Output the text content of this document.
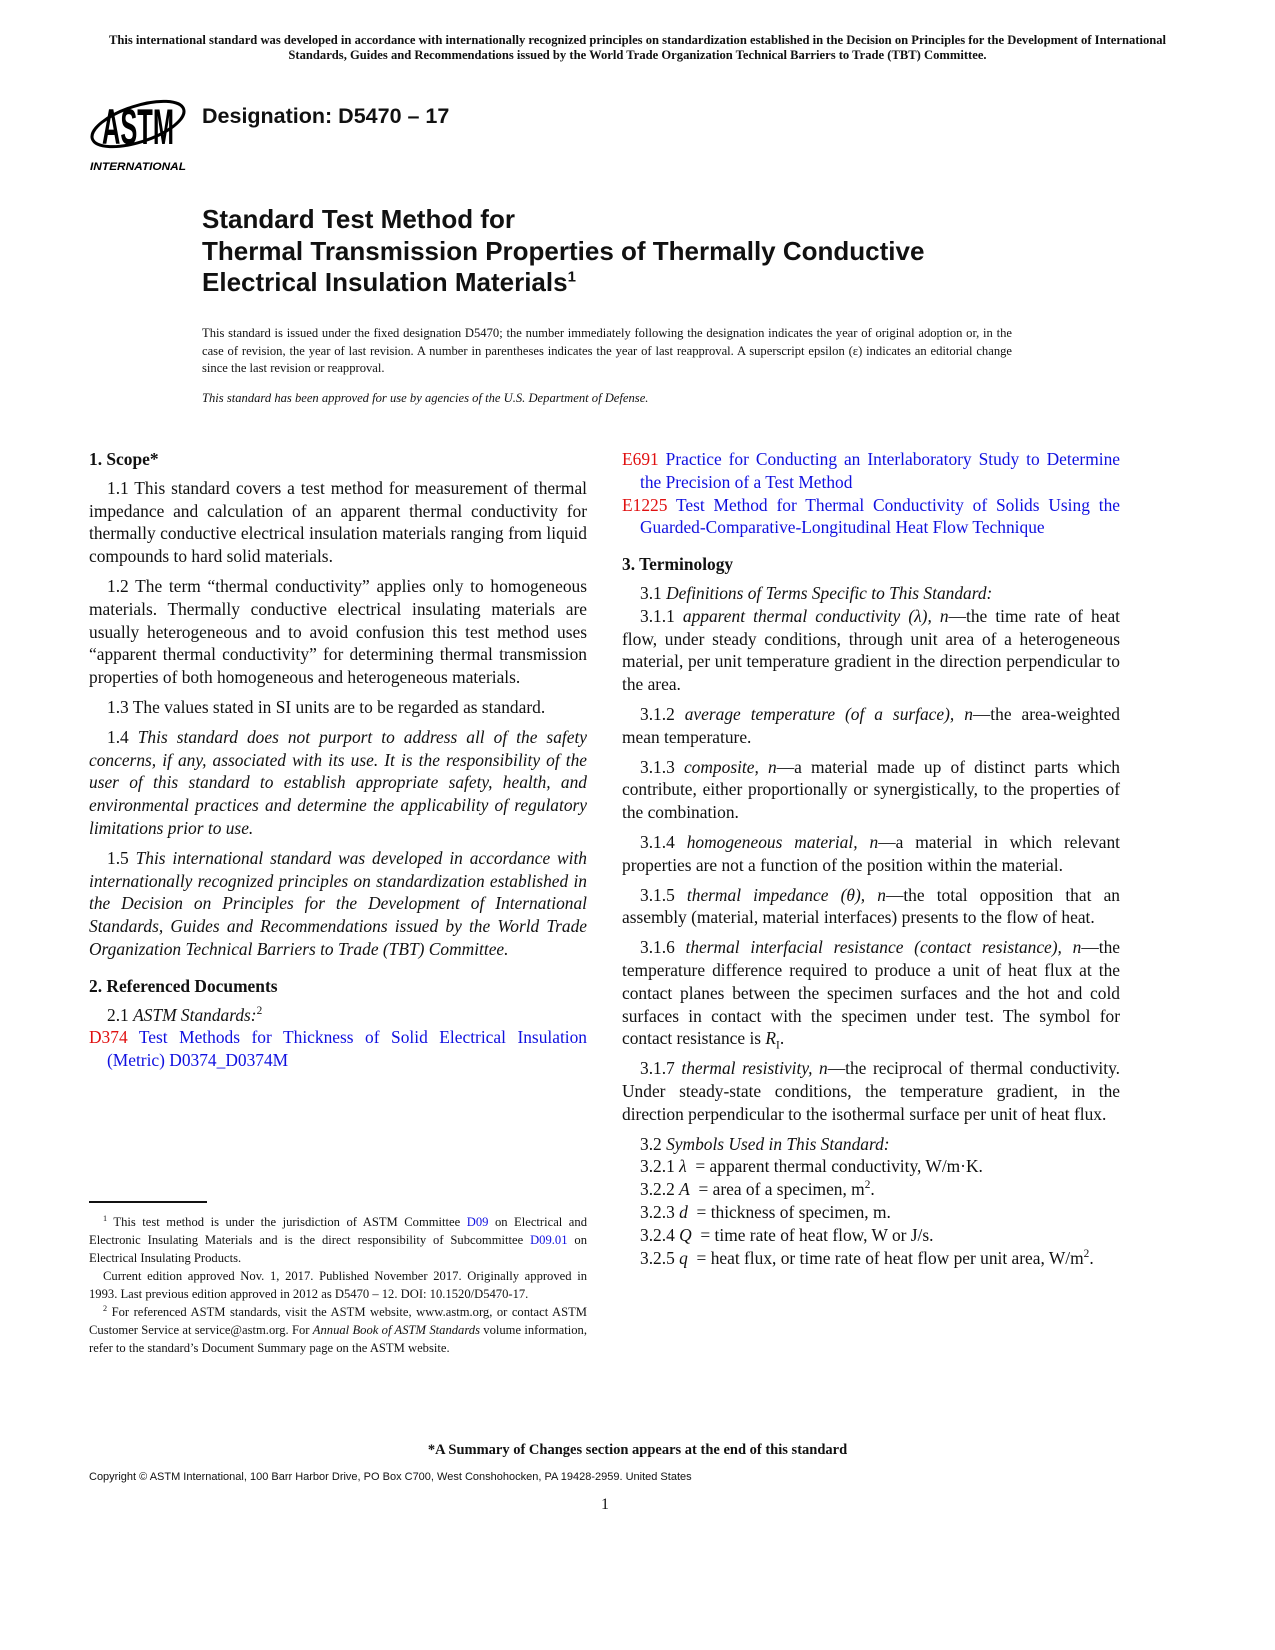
This international standard was developed in accordance with internationally recognized principles on standardization established in the Decision on Principles for the Development of International Standards, Guides and Recommendations issued by the World Trade Organization Technical Barriers to Trade (TBT) Committee.
ASTM
INTERNATIONAL
Designation: D5470 – 17
Standard Test Method for
Thermal Transmission Properties of Thermally Conductive
Electrical Insulation Materials$^1$
This standard is issued under the fixed designation D5470; the number immediately following the designation indicates the year of original adoption or, in the case of revision, the year of last revision. A number in parentheses indicates the year of last reapproval. A superscript epsilon (ε) indicates an editorial change since the last revision or reapproval.
This standard has been approved for use by agencies of the U.S. Department of Defense.
1. Scope*

1.1 This standard covers a test method for measurement of thermal impedance and calculation of an apparent thermal conductivity for thermally conductive electrical insulation materials ranging from liquid compounds to hard solid materials.

1.2 The term “thermal conductivity” applies only to homogeneous materials. Thermally conductive electrical insulating materials are usually heterogeneous and to avoid confusion this test method uses “apparent thermal conductivity” for determining thermal transmission properties of both homogeneous and heterogeneous materials.

1.3 The values stated in SI units are to be regarded as standard.

1.4 This standard does not purport to address all of the safety concerns, if any, associated with its use. It is the responsibility of the user of this standard to establish appropriate safety, health, and environmental practices and determine the applicability of regulatory limitations prior to use.

1.5 This international standard was developed in accordance with internationally recognized principles on standardization established in the Decision on Principles for the Development of International Standards, Guides and Recommendations issued by the World Trade Organization Technical Barriers to Trade (TBT) Committee.

2. Referenced Documents

2.1 ASTM Standards:$^2$

D374 Test Methods for Thickness of Solid Electrical Insulation (Metric) D0374_D0374M

E691 Practice for Conducting an Interlaboratory Study to Determine the Precision of a Test Method

E1225 Test Method for Thermal Conductivity of Solids Using the Guarded-Comparative-Longitudinal Heat Flow Technique

3. Terminology

3.1 Definitions of Terms Specific to This Standard:

3.1.1 apparent thermal conductivity (λ), n—the time rate of heat flow, under steady conditions, through unit area of a heterogeneous material, per unit temperature gradient in the direction perpendicular to the area.

3.1.2 average temperature (of a surface), n—the area-weighted mean temperature.

3.1.3 composite, n—a material made up of distinct parts which contribute, either proportionally or synergistically, to the properties of the combination.

3.1.4 homogeneous material, n—a material in which relevant properties are not a function of the position within the material.

3.1.5 thermal impedance (θ), n—the total opposition that an assembly (material, material interfaces) presents to the flow of heat.

3.1.6 thermal interfacial resistance (contact resistance), n—the temperature difference required to produce a unit of heat flux at the contact planes between the specimen surfaces and the hot and cold surfaces in contact with the specimen under test. The symbol for contact resistance is $R_I$.

3.1.7 thermal resistivity, n—the reciprocal of thermal conductivity. Under steady-state conditions, the temperature gradient, in the direction perpendicular to the isothermal surface per unit of heat flux.

3.2 Symbols Used in This Standard:

3.2.1 λ  = apparent thermal conductivity, W/m·K.

3.2.2 A  = area of a specimen, $m^2$.

3.2.3 d  = thickness of specimen, m.

3.2.4 Q  = time rate of heat flow, W or J/s.

3.2.5 q  = heat flux, or time rate of heat flow per unit area, $W/m^2$.

$^1$ This test method is under the jurisdiction of ASTM Committee D09 on Electrical and Electronic Insulating Materials and is the direct responsibility of Subcommittee D09.01 on Electrical Insulating Products.

Current edition approved Nov. 1, 2017. Published November 2017. Originally approved in 1993. Last previous edition approved in 2012 as D5470 – 12. DOI: 10.1520/D5470-17.

$^2$ For referenced ASTM standards, visit the ASTM website, www.astm.org, or contact ASTM Customer Service at service@astm.org. For Annual Book of ASTM Standards volume information, refer to the standard’s Document Summary page on the ASTM website.

*A Summary of Changes section appears at the end of this standard
Copyright © ASTM International, 100 Barr Harbor Drive, PO Box C700, West Conshohocken, PA 19428-2959. United States
1
